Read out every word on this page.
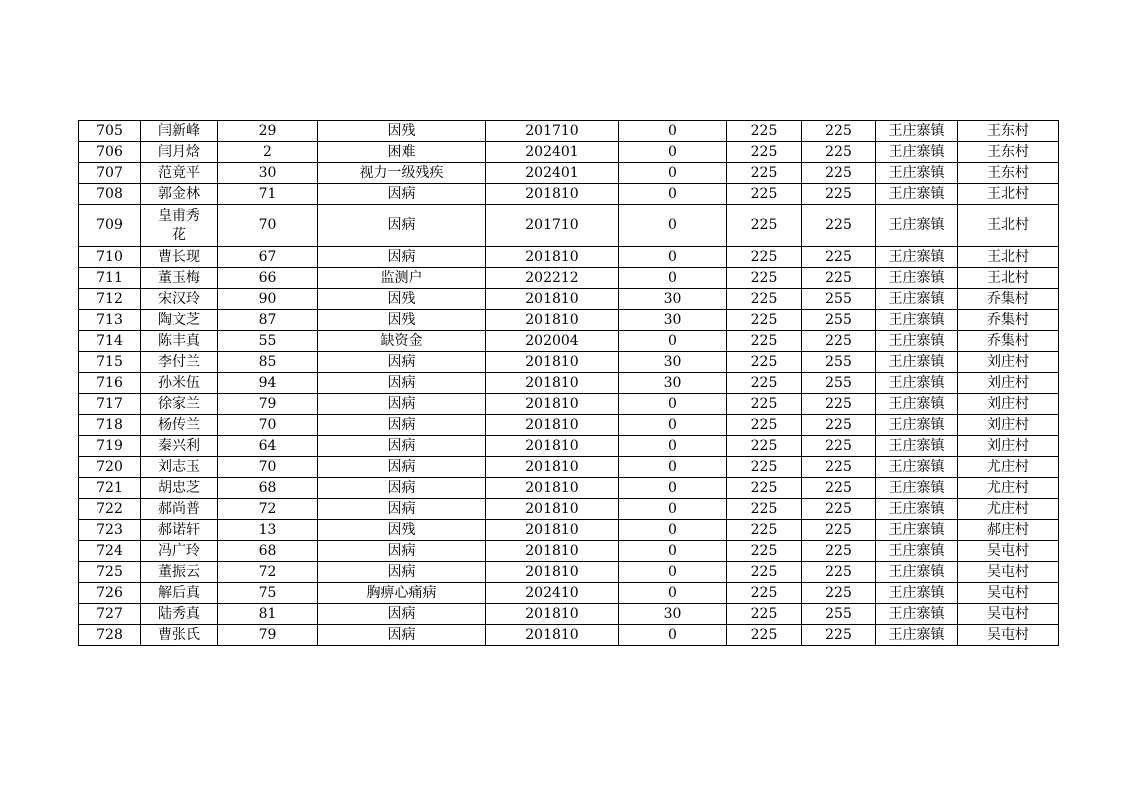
705	闫新峰	29	因残	201710	0	225	225	王庄寨镇	王东村
706	闫月焓	2	困难	202401	0	225	225	王庄寨镇	王东村
707	范竟平	30	视力一级残疾	202401	0	225	225	王庄寨镇	王东村
708	郭金林	71	因病	201810	0	225	225	王庄寨镇	王北村
709	皇甫秀花	70	因病	201710	0	225	225	王庄寨镇	王北村
710	曹长现	67	因病	201810	0	225	225	王庄寨镇	王北村
711	董玉梅	66	监测户	202212	0	225	225	王庄寨镇	王北村
712	宋汉玲	90	因残	201810	30	225	255	王庄寨镇	乔集村
713	陶文芝	87	因残	201810	30	225	255	王庄寨镇	乔集村
714	陈丰真	55	缺资金	202004	0	225	225	王庄寨镇	乔集村
715	李付兰	85	因病	201810	30	225	255	王庄寨镇	刘庄村
716	孙米伍	94	因病	201810	30	225	255	王庄寨镇	刘庄村
717	徐家兰	79	因病	201810	0	225	225	王庄寨镇	刘庄村
718	杨传兰	70	因病	201810	0	225	225	王庄寨镇	刘庄村
719	秦兴利	64	因病	201810	0	225	225	王庄寨镇	刘庄村
720	刘志玉	70	因病	201810	0	225	225	王庄寨镇	尤庄村
721	胡忠芝	68	因病	201810	0	225	225	王庄寨镇	尤庄村
722	郝尚普	72	因病	201810	0	225	225	王庄寨镇	尤庄村
723	郝诺轩	13	因残	201810	0	225	225	王庄寨镇	郝庄村
724	冯广玲	68	因病	201810	0	225	225	王庄寨镇	吴屯村
725	董振云	72	因病	201810	0	225	225	王庄寨镇	吴屯村
726	解后真	75	胸痹心痛病	202410	0	225	225	王庄寨镇	吴屯村
727	陆秀真	81	因病	201810	30	225	255	王庄寨镇	吴屯村
728	曹张氏	79	因病	201810	0	225	225	王庄寨镇	吴屯村
